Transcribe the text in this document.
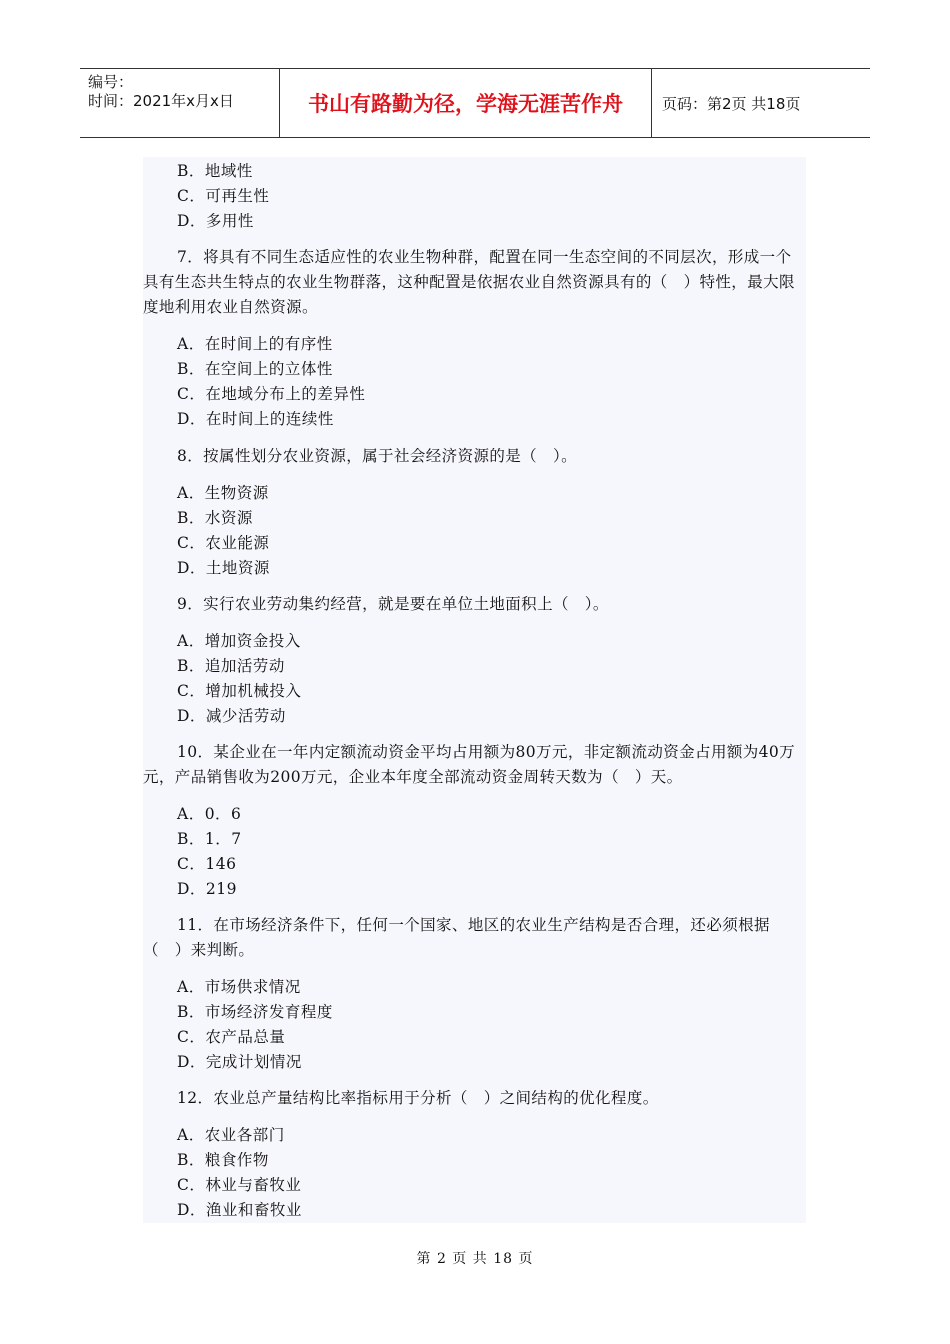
编号：
时间：2021年x月x日	书山有路勤为径，学海无涯苦作舟	页码：第2页 共18页
B．地域性
C．可再生性
D．多用性
7．将具有不同生态适应性的农业生物种群，配置在同一生态空间的不同层次，形成一个具有生态共生特点的农业生物群落，这种配置是依据农业自然资源具有的（　）特性，最大限度地利用农业自然资源。
A．在时间上的有序性
B．在空间上的立体性
C．在地域分布上的差异性
D．在时间上的连续性
8．按属性划分农业资源，属于社会经济资源的是（　）。
A．生物资源
B．水资源
C．农业能源
D．土地资源
9．实行农业劳动集约经营，就是要在单位土地面积上（　）。
A．增加资金投入
B．追加活劳动
C．增加机械投入
D．减少活劳动
10．某企业在一年内定额流动资金平均占用额为80万元，非定额流动资金占用额为40万元，产品销售收为200万元，企业本年度全部流动资金周转天数为（　）天。
A．0．6
B．1．7
C．146
D．219
11．在市场经济条件下，任何一个国家、地区的农业生产结构是否合理，还必须根据（　）来判断。
A．市场供求情况
B．市场经济发育程度
C．农产品总量
D．完成计划情况
12．农业总产量结构比率指标用于分析（　）之间结构的优化程度。
A．农业各部门
B．粮食作物
C．林业与畜牧业
D．渔业和畜牧业
第 2 页 共 18 页
